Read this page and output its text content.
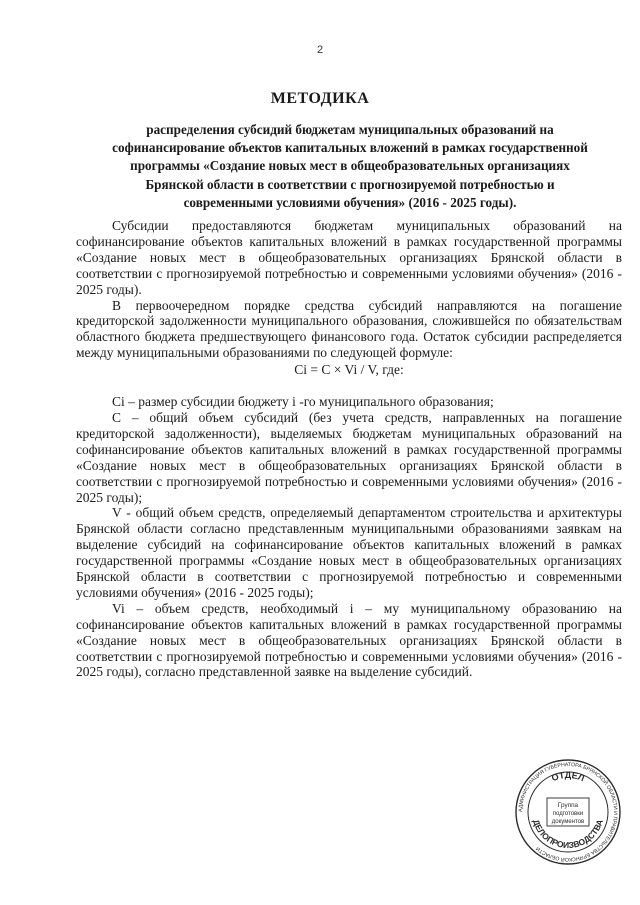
2
МЕТОДИКА
распределения субсидий бюджетам муниципальных образований на софинансирование объектов капитальных вложений в рамках государственной программы «Создание новых мест в общеобразовательных организациях Брянской области в соответствии с прогнозируемой потребностью и современными условиями обучения» (2016 - 2025 годы).

Субсидии предоставляются бюджетам муниципальных образований на софинансирование объектов капитальных вложений в рамках государственной программы «Создание новых мест в общеобразовательных организациях Брянской области в соответствии с прогнозируемой потребностью и современными условиями обучения» (2016 - 2025 годы).

В первоочередном порядке средства субсидий направляются на погашение кредиторской задолженности муниципального образования, сложившейся по обязательствам областного бюджета предшествующего финансового года. Остаток субсидии распределяется между муниципальными образованиями по следующей формуле:

Ci = C × Vi / V, где:

Ci – размер субсидии бюджету i -го муниципального образования;

C – общий объем субсидий (без учета средств, направленных на погашение кредиторской задолженности), выделяемых бюджетам муниципальных образований на софинансирование объектов капитальных вложений в рамках государственной программы «Создание новых мест в общеобразовательных организациях Брянской области в соответствии с прогнозируемой потребностью и современными условиями обучения» (2016 - 2025 годы);

V - общий объем средств, определяемый департаментом строительства и архитектуры Брянской области согласно представленным муниципальными образованиями заявкам на выделение субсидий на софинансирование объектов капитальных вложений в рамках государственной программы «Создание новых мест в общеобразовательных организациях Брянской области в соответствии с прогнозируемой потребностью и современными условиями обучения» (2016 - 2025 годы);

Vi – объем средств, необходимый i – му муниципальному образованию на софинансирование объектов капитальных вложений в рамках государственной программы «Создание новых мест в общеобразовательных организациях Брянской области в соответствии с прогнозируемой потребностью и современными условиями обучения» (2016 - 2025 годы), согласно представленной заявке на выделение субсидий.

АДМИНИСТРАЦИЯ ГУБЕРНАТОРА БРЯНСКОЙ ОБЛАСТИ И ПРАВИТЕЛЬСТВА БРЯНСКОЙ ОБЛАСТИ
ОТДЕЛ
ДЕЛОПРОИЗВОДСТВА
Группа
подготовки
документов
